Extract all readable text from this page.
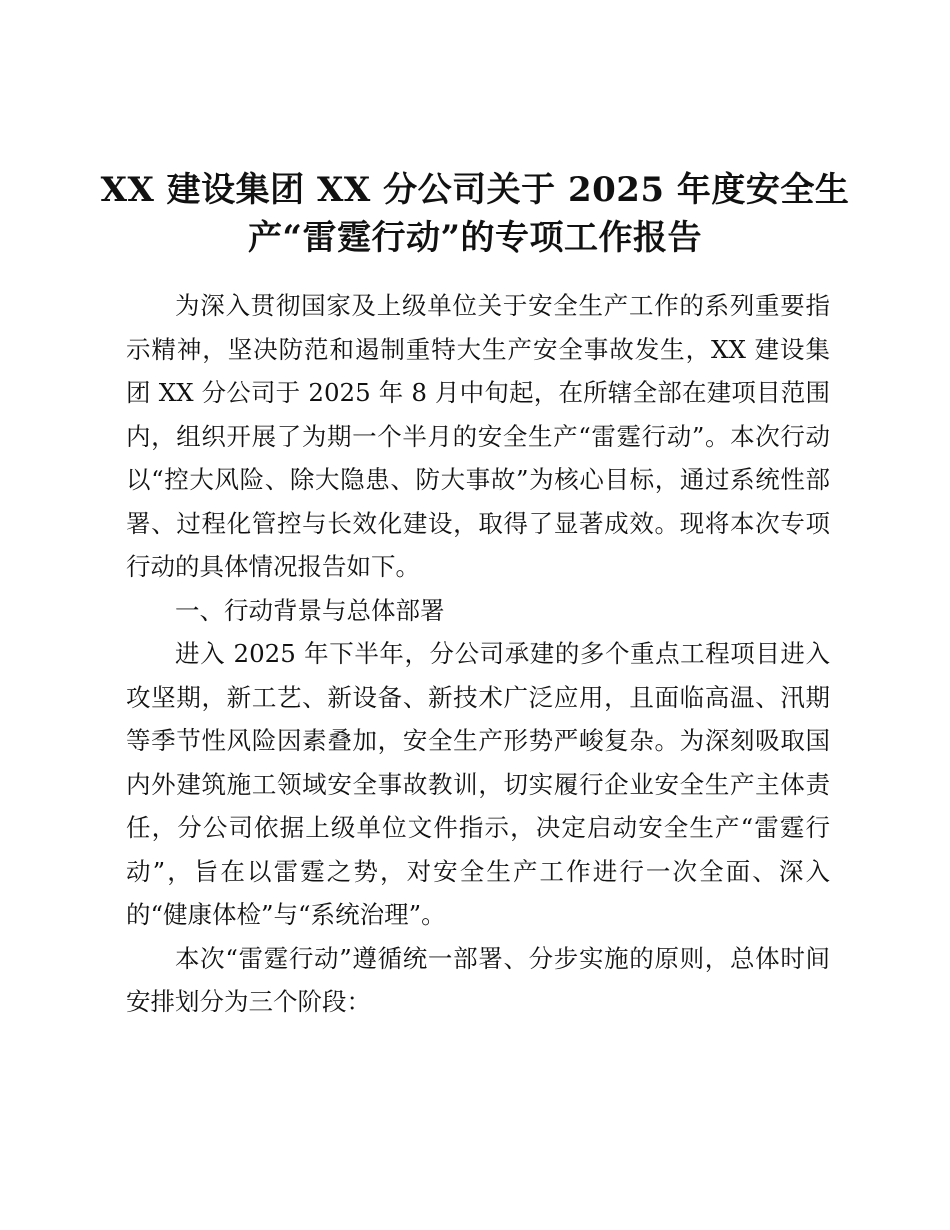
XX 建设集团 XX 分公司关于 2025 年度安全生产“雷霆行动”的专项工作报告

为深入贯彻国家及上级单位关于安全生产工作的系列重要指示精神，坚决防范和遏制重特大生产安全事故发生，XX 建设集团 XX 分公司于 2025 年 8 月中旬起，在所辖全部在建项目范围内，组织开展了为期一个半月的安全生产“雷霆行动”。本次行动以“控大风险、除大隐患、防大事故”为核心目标，通过系统性部署、过程化管控与长效化建设，取得了显著成效。现将本次专项行动的具体情况报告如下。

一、行动背景与总体部署

进入 2025 年下半年，分公司承建的多个重点工程项目进入攻坚期，新工艺、新设备、新技术广泛应用，且面临高温、汛期等季节性风险因素叠加，安全生产形势严峻复杂。为深刻吸取国内外建筑施工领域安全事故教训，切实履行企业安全生产主体责任，分公司依据上级单位文件指示，决定启动安全生产“雷霆行动”，旨在以雷霆之势，对安全生产工作进行一次全面、深入的“健康体检”与“系统治理”。

本次“雷霆行动”遵循统一部署、分步实施的原则，总体时间安排划分为三个阶段：
